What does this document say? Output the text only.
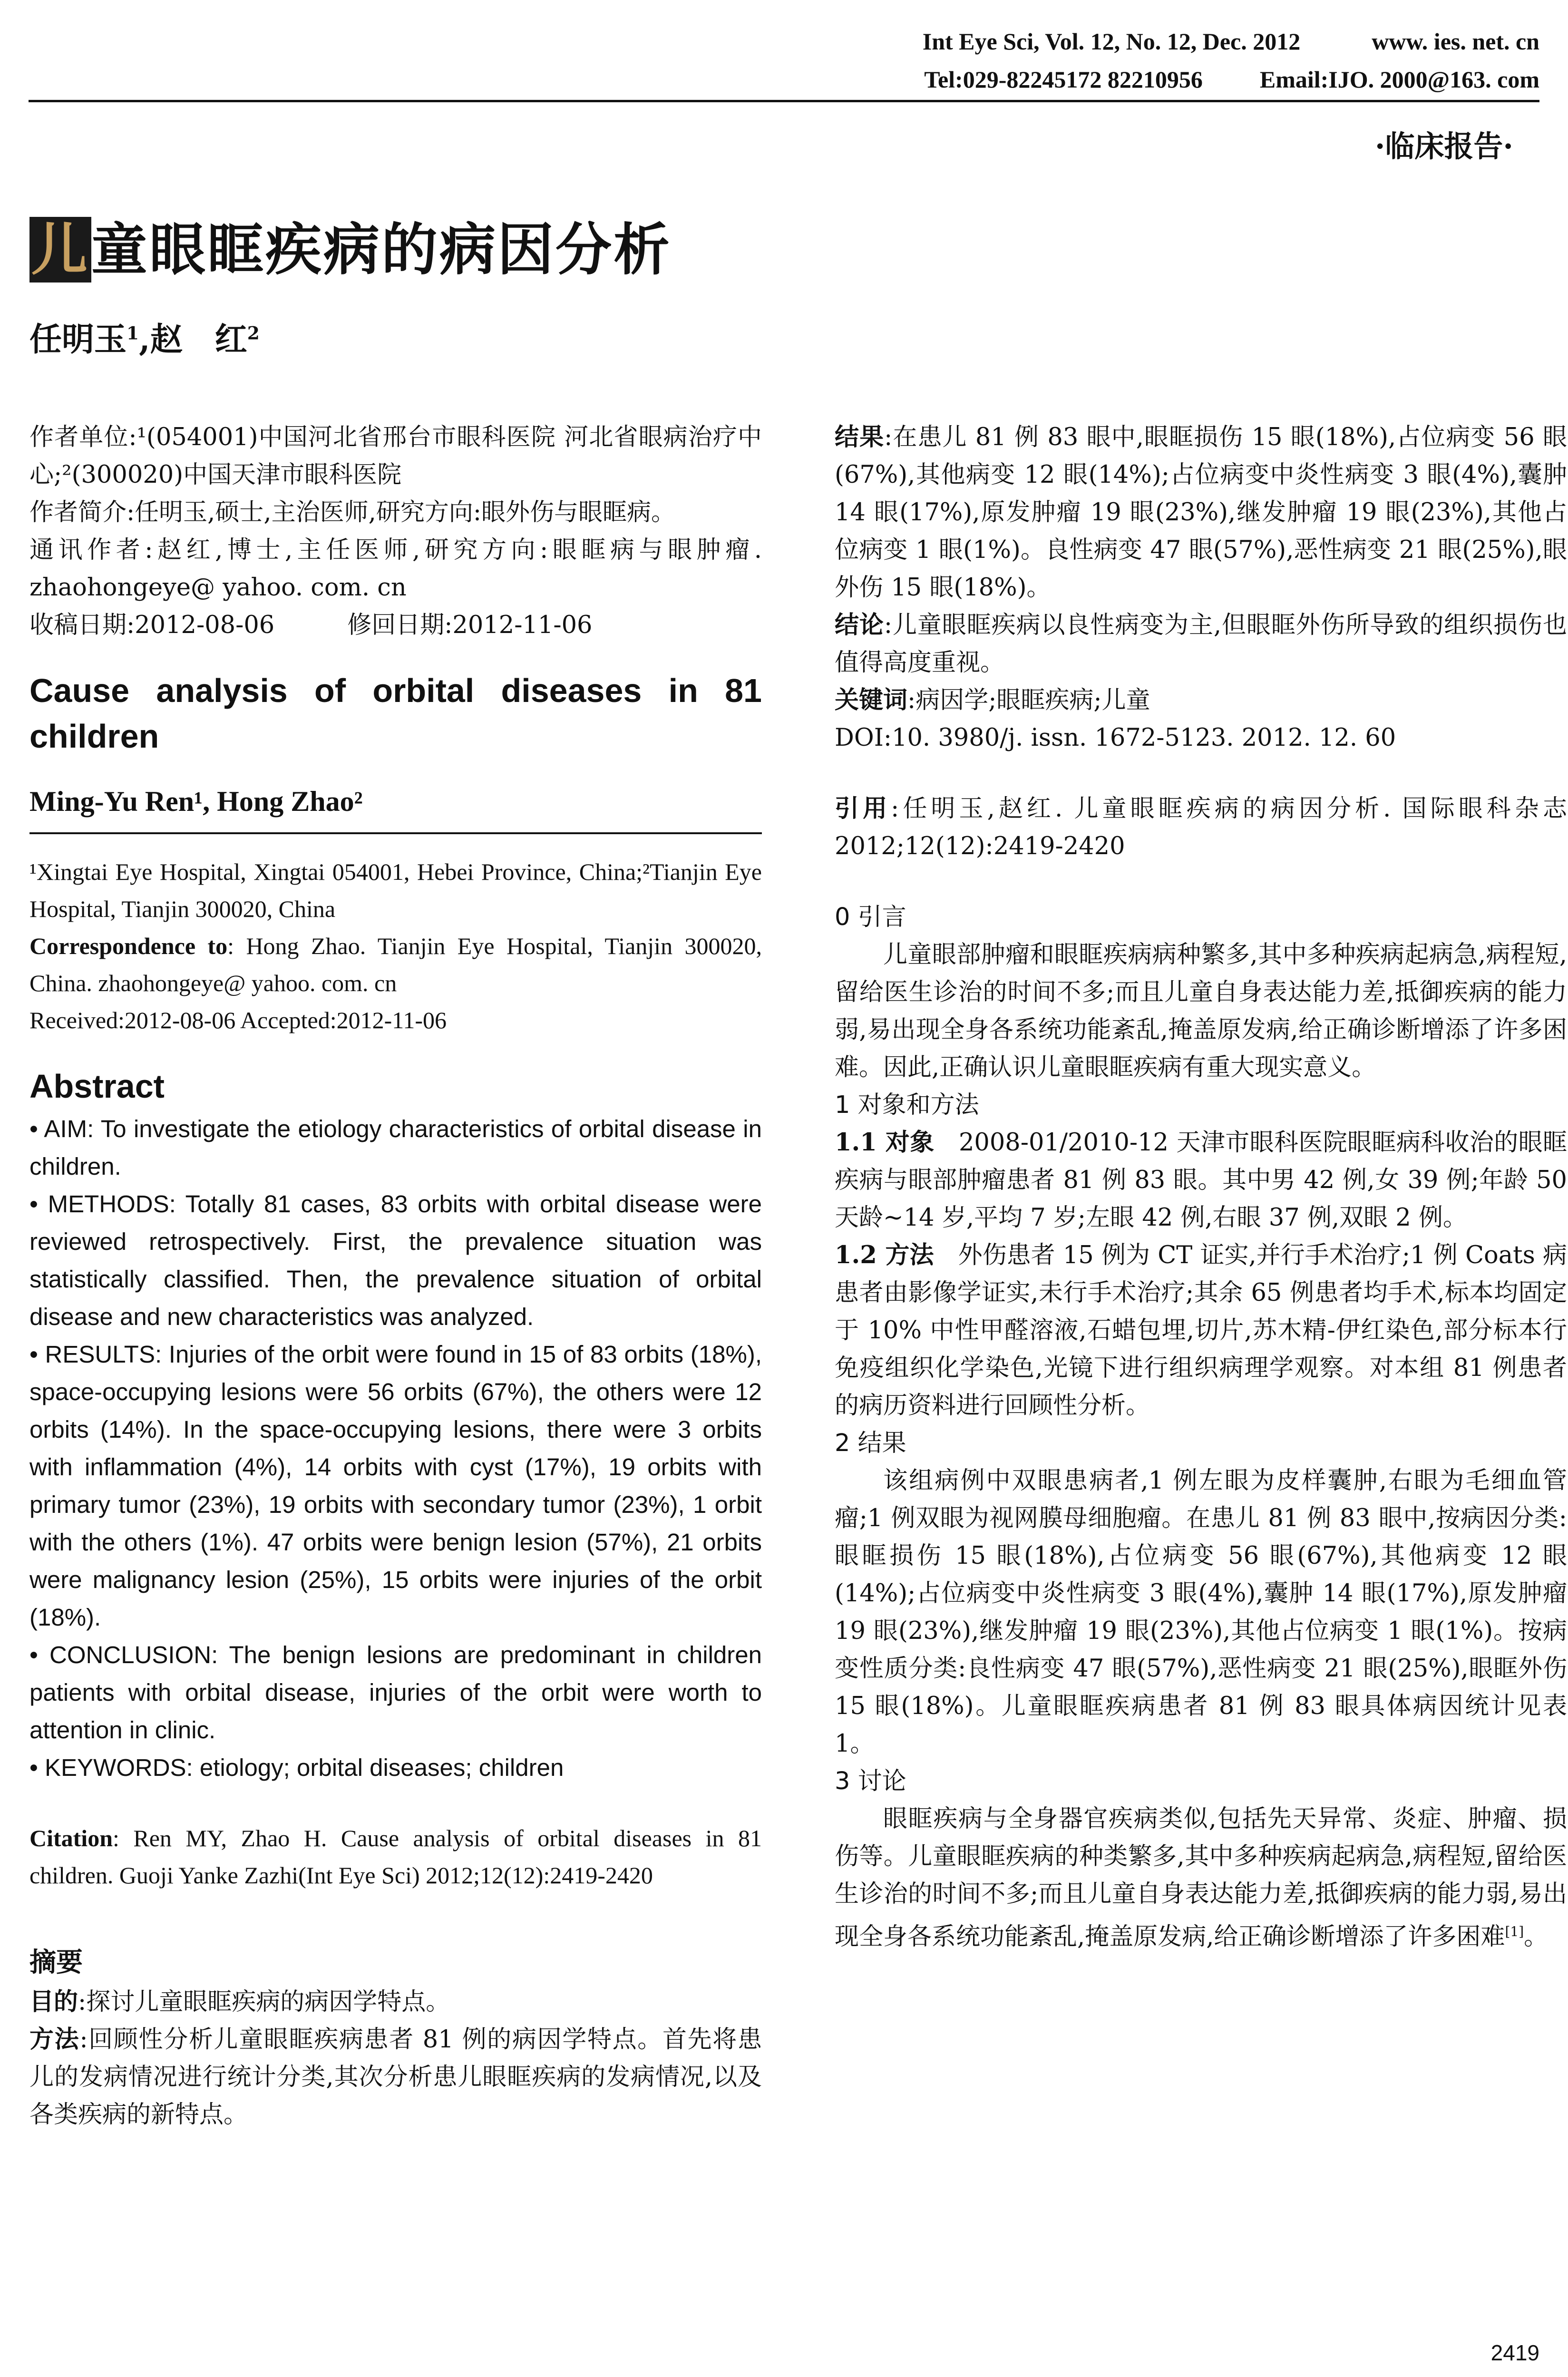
Int Eye Sci, Vol. 12, No. 12, Dec. 2012	www. ies. net. cn
Tel:029-82245172 82210956 Email:IJO. 2000@163. com
·临床报告·
儿童眼眶疾病的病因分析
任明玉$^1$,赵　红$^2$

作者单位:¹(054001)中国河北省邢台市眼科医院 河北省眼病治疗中心;²(300020)中国天津市眼科医院

作者简介:任明玉,硕士,主治医师,研究方向:眼外伤与眼眶病。

通讯作者:赵红,博士,主任医师,研究方向:眼眶病与眼肿瘤. zhaohongeye@ yahoo. com. cn

收稿日期:2012-08-06　　　修回日期:2012-11-06

Cause analysis of orbital diseases in 81 children
Ming-Yu Ren¹, Hong Zhao²

¹Xingtai Eye Hospital, Xingtai 054001, Hebei Province, China;²Tianjin Eye Hospital, Tianjin 300020, China

Correspondence to: Hong Zhao. Tianjin Eye Hospital, Tianjin 300020, China. zhaohongeye@ yahoo. com. cn

Received:2012-08-06 Accepted:2012-11-06

Abstract

• AIM: To investigate the etiology characteristics of orbital disease in children.

• METHODS: Totally 81 cases, 83 orbits with orbital disease were reviewed retrospectively. First, the prevalence situation was statistically classified. Then, the prevalence situation of orbital disease and new characteristics was analyzed.

• RESULTS: Injuries of the orbit were found in 15 of 83 orbits (18%), space-occupying lesions were 56 orbits (67%), the others were 12 orbits (14%). In the space-occupying lesions, there were 3 orbits with inflammation (4%), 14 orbits with cyst (17%), 19 orbits with primary tumor (23%), 19 orbits with secondary tumor (23%), 1 orbit with the others (1%). 47 orbits were benign lesion (57%), 21 orbits were malignancy lesion (25%), 15 orbits were injuries of the orbit (18%).

• CONCLUSION: The benign lesions are predominant in children patients with orbital disease, injuries of the orbit were worth to attention in clinic.

• KEYWORDS: etiology; orbital diseases; children

Citation: Ren MY, Zhao H. Cause analysis of orbital diseases in 81 children. Guoji Yanke Zazhi(Int Eye Sci) 2012;12(12):2419-2420

摘要

目的:探讨儿童眼眶疾病的病因学特点。

方法:回顾性分析儿童眼眶疾病患者 81 例的病因学特点。首先将患儿的发病情况进行统计分类,其次分析患儿眼眶疾病的发病情况,以及各类疾病的新特点。

结果:在患儿 81 例 83 眼中,眼眶损伤 15 眼(18%),占位病变 56 眼(67%),其他病变 12 眼(14%);占位病变中炎性病变 3 眼(4%),囊肿 14 眼(17%),原发肿瘤 19 眼(23%),继发肿瘤 19 眼(23%),其他占位病变 1 眼(1%)。良性病变 47 眼(57%),恶性病变 21 眼(25%),眼外伤 15 眼(18%)。

结论:儿童眼眶疾病以良性病变为主,但眼眶外伤所导致的组织损伤也值得高度重视。

关键词:病因学;眼眶疾病;儿童

DOI:10. 3980/j. issn. 1672-5123. 2012. 12. 60

引用:任明玉,赵红. 儿童眼眶疾病的病因分析. 国际眼科杂志 2012;12(12):2419-2420

0 引言

儿童眼部肿瘤和眼眶疾病病种繁多,其中多种疾病起病急,病程短,留给医生诊治的时间不多;而且儿童自身表达能力差,抵御疾病的能力弱,易出现全身各系统功能紊乱,掩盖原发病,给正确诊断增添了许多困难。因此,正确认识儿童眼眶疾病有重大现实意义。

1 对象和方法

1.1 对象　2008-01/2010-12 天津市眼科医院眼眶病科收治的眼眶疾病与眼部肿瘤患者 81 例 83 眼。其中男 42 例,女 39 例;年龄 50 天龄~14 岁,平均 7 岁;左眼 42 例,右眼 37 例,双眼 2 例。

1.2 方法　外伤患者 15 例为 CT 证实,并行手术治疗;1 例 Coats 病患者由影像学证实,未行手术治疗;其余 65 例患者均手术,标本均固定于 10% 中性甲醛溶液,石蜡包埋,切片,苏木精-伊红染色,部分标本行免疫组织化学染色,光镜下进行组织病理学观察。对本组 81 例患者的病历资料进行回顾性分析。

2 结果

该组病例中双眼患病者,1 例左眼为皮样囊肿,右眼为毛细血管瘤;1 例双眼为视网膜母细胞瘤。在患儿 81 例 83 眼中,按病因分类:眼眶损伤 15 眼(18%),占位病变 56 眼(67%),其他病变 12 眼(14%);占位病变中炎性病变 3 眼(4%),囊肿 14 眼(17%),原发肿瘤 19 眼(23%),继发肿瘤 19 眼(23%),其他占位病变 1 眼(1%)。按病变性质分类:良性病变 47 眼(57%),恶性病变 21 眼(25%),眼眶外伤 15 眼(18%)。儿童眼眶疾病患者 81 例 83 眼具体病因统计见表 1。

3 讨论

眼眶疾病与全身器官疾病类似,包括先天异常、炎症、肿瘤、损伤等。儿童眼眶疾病的种类繁多,其中多种疾病起病急,病程短,留给医生诊治的时间不多;而且儿童自身表达能力差,抵御疾病的能力弱,易出现全身各系统功能紊乱,掩盖原发病,给正确诊断增添了许多困难[1]。

2419
